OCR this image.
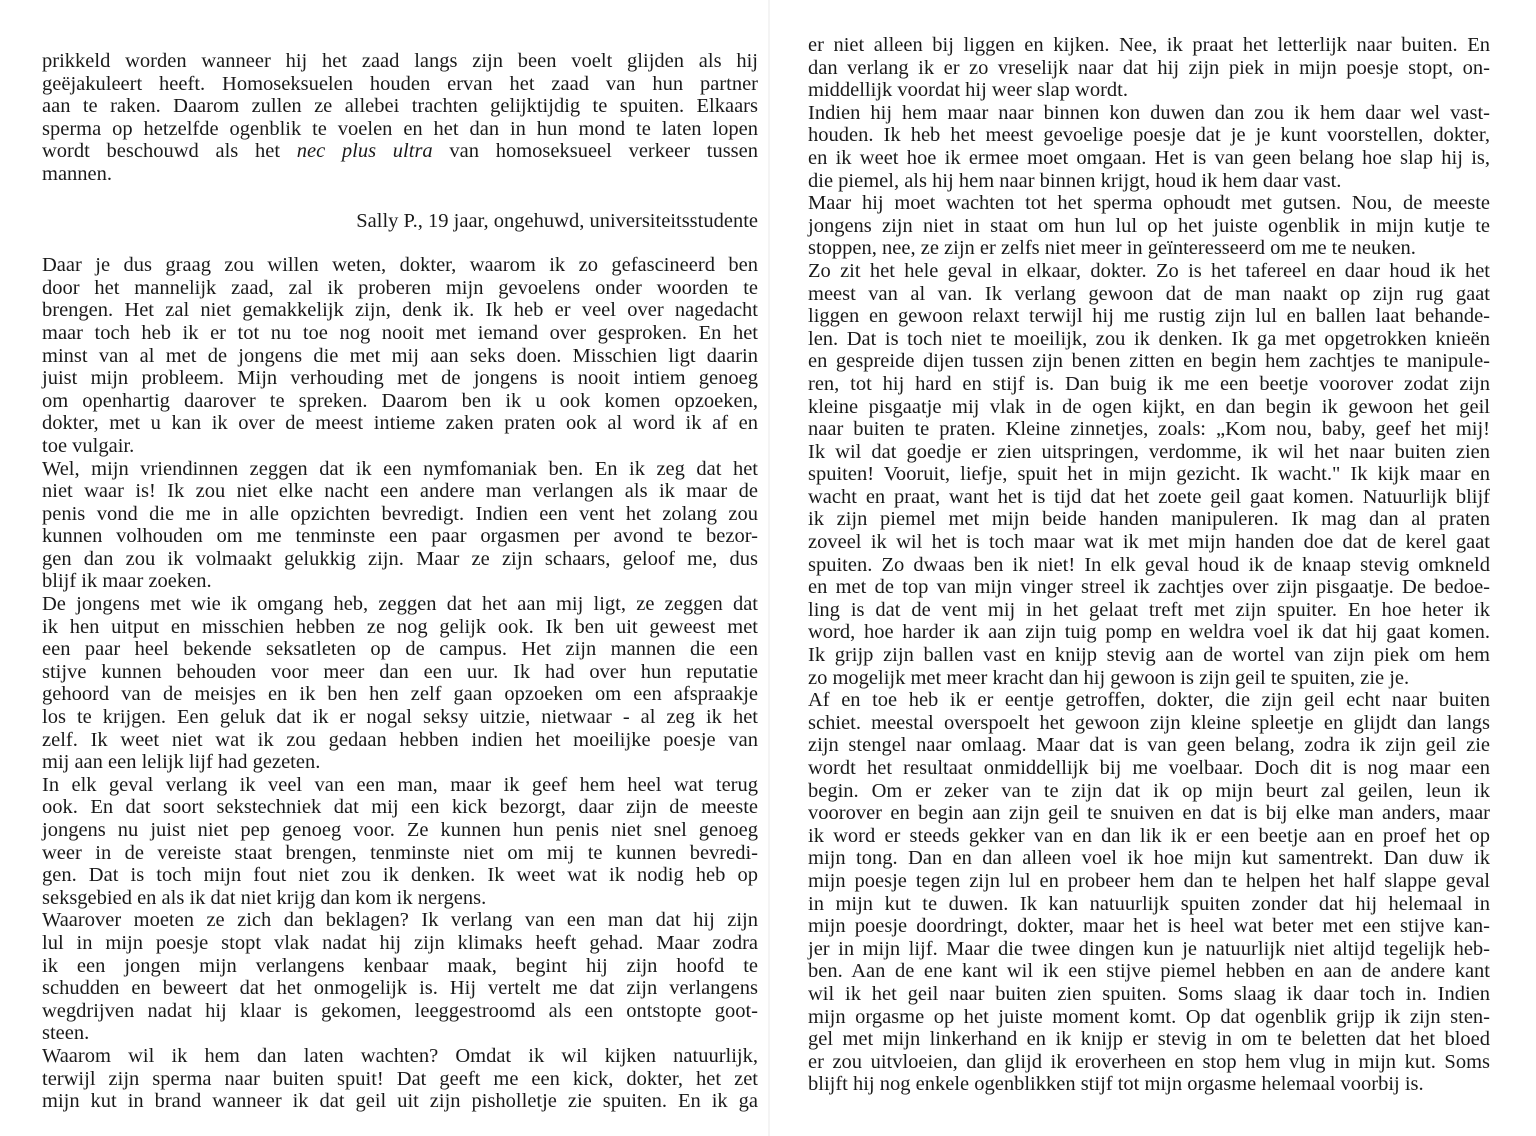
prikkeld worden wanneer hij het zaad langs zijn been voelt glijden als hij
geëjakuleert heeft. Homoseksuelen houden ervan het zaad van hun partner
aan te raken. Daarom zullen ze allebei trachten gelijktijdig te spuiten. Elkaars
sperma op hetzelfde ogenblik te voelen en het dan in hun mond te laten lopen
wordt beschouwd als het nec plus ultra van homoseksueel verkeer tussen
mannen.
Sally P., 19 jaar, ongehuwd, universiteitsstudente
Daar je dus graag zou willen weten, dokter, waarom ik zo gefascineerd ben
door het mannelijk zaad, zal ik proberen mijn gevoelens onder woorden te
brengen. Het zal niet gemakkelijk zijn, denk ik. Ik heb er veel over nagedacht
maar toch heb ik er tot nu toe nog nooit met iemand over gesproken. En het
minst van al met de jongens die met mij aan seks doen. Misschien ligt daarin
juist mijn probleem. Mijn verhouding met de jongens is nooit intiem genoeg
om openhartig daarover te spreken. Daarom ben ik u ook komen opzoeken,
dokter, met u kan ik over de meest intieme zaken praten ook al word ik af en
toe vulgair.
Wel, mijn vriendinnen zeggen dat ik een nymfomaniak ben. En ik zeg dat het
niet waar is! Ik zou niet elke nacht een andere man verlangen als ik maar de
penis vond die me in alle opzichten bevredigt. Indien een vent het zolang zou
kunnen volhouden om me tenminste een paar orgasmen per avond te bezor-
gen dan zou ik volmaakt gelukkig zijn. Maar ze zijn schaars, geloof me, dus
blijf ik maar zoeken.
De jongens met wie ik omgang heb, zeggen dat het aan mij ligt, ze zeggen dat
ik hen uitput en misschien hebben ze nog gelijk ook. Ik ben uit geweest met
een paar heel bekende seksatleten op de campus. Het zijn mannen die een
stijve kunnen behouden voor meer dan een uur. Ik had over hun reputatie
gehoord van de meisjes en ik ben hen zelf gaan opzoeken om een afspraakje
los te krijgen. Een geluk dat ik er nogal seksy uitzie, nietwaar - al zeg ik het
zelf. Ik weet niet wat ik zou gedaan hebben indien het moeilijke poesje van
mij aan een lelijk lijf had gezeten.
In elk geval verlang ik veel van een man, maar ik geef hem heel wat terug
ook. En dat soort sekstechniek dat mij een kick bezorgt, daar zijn de meeste
jongens nu juist niet pep genoeg voor. Ze kunnen hun penis niet snel genoeg
weer in de vereiste staat brengen, tenminste niet om mij te kunnen bevredi-
gen. Dat is toch mijn fout niet zou ik denken. Ik weet wat ik nodig heb op
seksgebied en als ik dat niet krijg dan kom ik nergens.
Waarover moeten ze zich dan beklagen? Ik verlang van een man dat hij zijn
lul in mijn poesje stopt vlak nadat hij zijn klimaks heeft gehad. Maar zodra
ik een jongen mijn verlangens kenbaar maak, begint hij zijn hoofd te
schudden en beweert dat het onmogelijk is. Hij vertelt me dat zijn verlangens
wegdrijven nadat hij klaar is gekomen, leeggestroomd als een ontstopte goot-
steen.
Waarom wil ik hem dan laten wachten? Omdat ik wil kijken natuurlijk,
terwijl zijn sperma naar buiten spuit! Dat geeft me een kick, dokter, het zet
mijn kut in brand wanneer ik dat geil uit zijn pisholletje zie spuiten. En ik ga
er niet alleen bij liggen en kijken. Nee, ik praat het letterlijk naar buiten. En
dan verlang ik er zo vreselijk naar dat hij zijn piek in mijn poesje stopt, on-
middellijk voordat hij weer slap wordt.
Indien hij hem maar naar binnen kon duwen dan zou ik hem daar wel vast-
houden. Ik heb het meest gevoelige poesje dat je je kunt voorstellen, dokter,
en ik weet hoe ik ermee moet omgaan. Het is van geen belang hoe slap hij is,
die piemel, als hij hem naar binnen krijgt, houd ik hem daar vast.
Maar hij moet wachten tot het sperma ophoudt met gutsen. Nou, de meeste
jongens zijn niet in staat om hun lul op het juiste ogenblik in mijn kutje te
stoppen, nee, ze zijn er zelfs niet meer in geïnteresseerd om me te neuken.
Zo zit het hele geval in elkaar, dokter. Zo is het tafereel en daar houd ik het
meest van al van. Ik verlang gewoon dat de man naakt op zijn rug gaat
liggen en gewoon relaxt terwijl hij me rustig zijn lul en ballen laat behande-
len. Dat is toch niet te moeilijk, zou ik denken. Ik ga met opgetrokken knieën
en gespreide dijen tussen zijn benen zitten en begin hem zachtjes te manipule-
ren, tot hij hard en stijf is. Dan buig ik me een beetje voorover zodat zijn
kleine pisgaatje mij vlak in de ogen kijkt, en dan begin ik gewoon het geil
naar buiten te praten. Kleine zinnetjes, zoals: „Kom nou, baby, geef het mij!
Ik wil dat goedje er zien uitspringen, verdomme, ik wil het naar buiten zien
spuiten! Vooruit, liefje, spuit het in mijn gezicht. Ik wacht." Ik kijk maar en
wacht en praat, want het is tijd dat het zoete geil gaat komen. Natuurlijk blijf
ik zijn piemel met mijn beide handen manipuleren. Ik mag dan al praten
zoveel ik wil het is toch maar wat ik met mijn handen doe dat de kerel gaat
spuiten. Zo dwaas ben ik niet! In elk geval houd ik de knaap stevig omkneld
en met de top van mijn vinger streel ik zachtjes over zijn pisgaatje. De bedoe-
ling is dat de vent mij in het gelaat treft met zijn spuiter. En hoe heter ik
word, hoe harder ik aan zijn tuig pomp en weldra voel ik dat hij gaat komen.
Ik grijp zijn ballen vast en knijp stevig aan de wortel van zijn piek om hem
zo mogelijk met meer kracht dan hij gewoon is zijn geil te spuiten, zie je.
Af en toe heb ik er eentje getroffen, dokter, die zijn geil echt naar buiten
schiet. meestal overspoelt het gewoon zijn kleine spleetje en glijdt dan langs
zijn stengel naar omlaag. Maar dat is van geen belang, zodra ik zijn geil zie
wordt het resultaat onmiddellijk bij me voelbaar. Doch dit is nog maar een
begin. Om er zeker van te zijn dat ik op mijn beurt zal geilen, leun ik
voorover en begin aan zijn geil te snuiven en dat is bij elke man anders, maar
ik word er steeds gekker van en dan lik ik er een beetje aan en proef het op
mijn tong. Dan en dan alleen voel ik hoe mijn kut samentrekt. Dan duw ik
mijn poesje tegen zijn lul en probeer hem dan te helpen het half slappe geval
in mijn kut te duwen. Ik kan natuurlijk spuiten zonder dat hij helemaal in
mijn poesje doordringt, dokter, maar het is heel wat beter met een stijve kan-
jer in mijn lijf. Maar die twee dingen kun je natuurlijk niet altijd tegelijk heb-
ben. Aan de ene kant wil ik een stijve piemel hebben en aan de andere kant
wil ik het geil naar buiten zien spuiten. Soms slaag ik daar toch in. Indien
mijn orgasme op het juiste moment komt. Op dat ogenblik grijp ik zijn sten-
gel met mijn linkerhand en ik knijp er stevig in om te beletten dat het bloed
er zou uitvloeien, dan glijd ik eroverheen en stop hem vlug in mijn kut. Soms
blijft hij nog enkele ogenblikken stijf tot mijn orgasme helemaal voorbij is.
